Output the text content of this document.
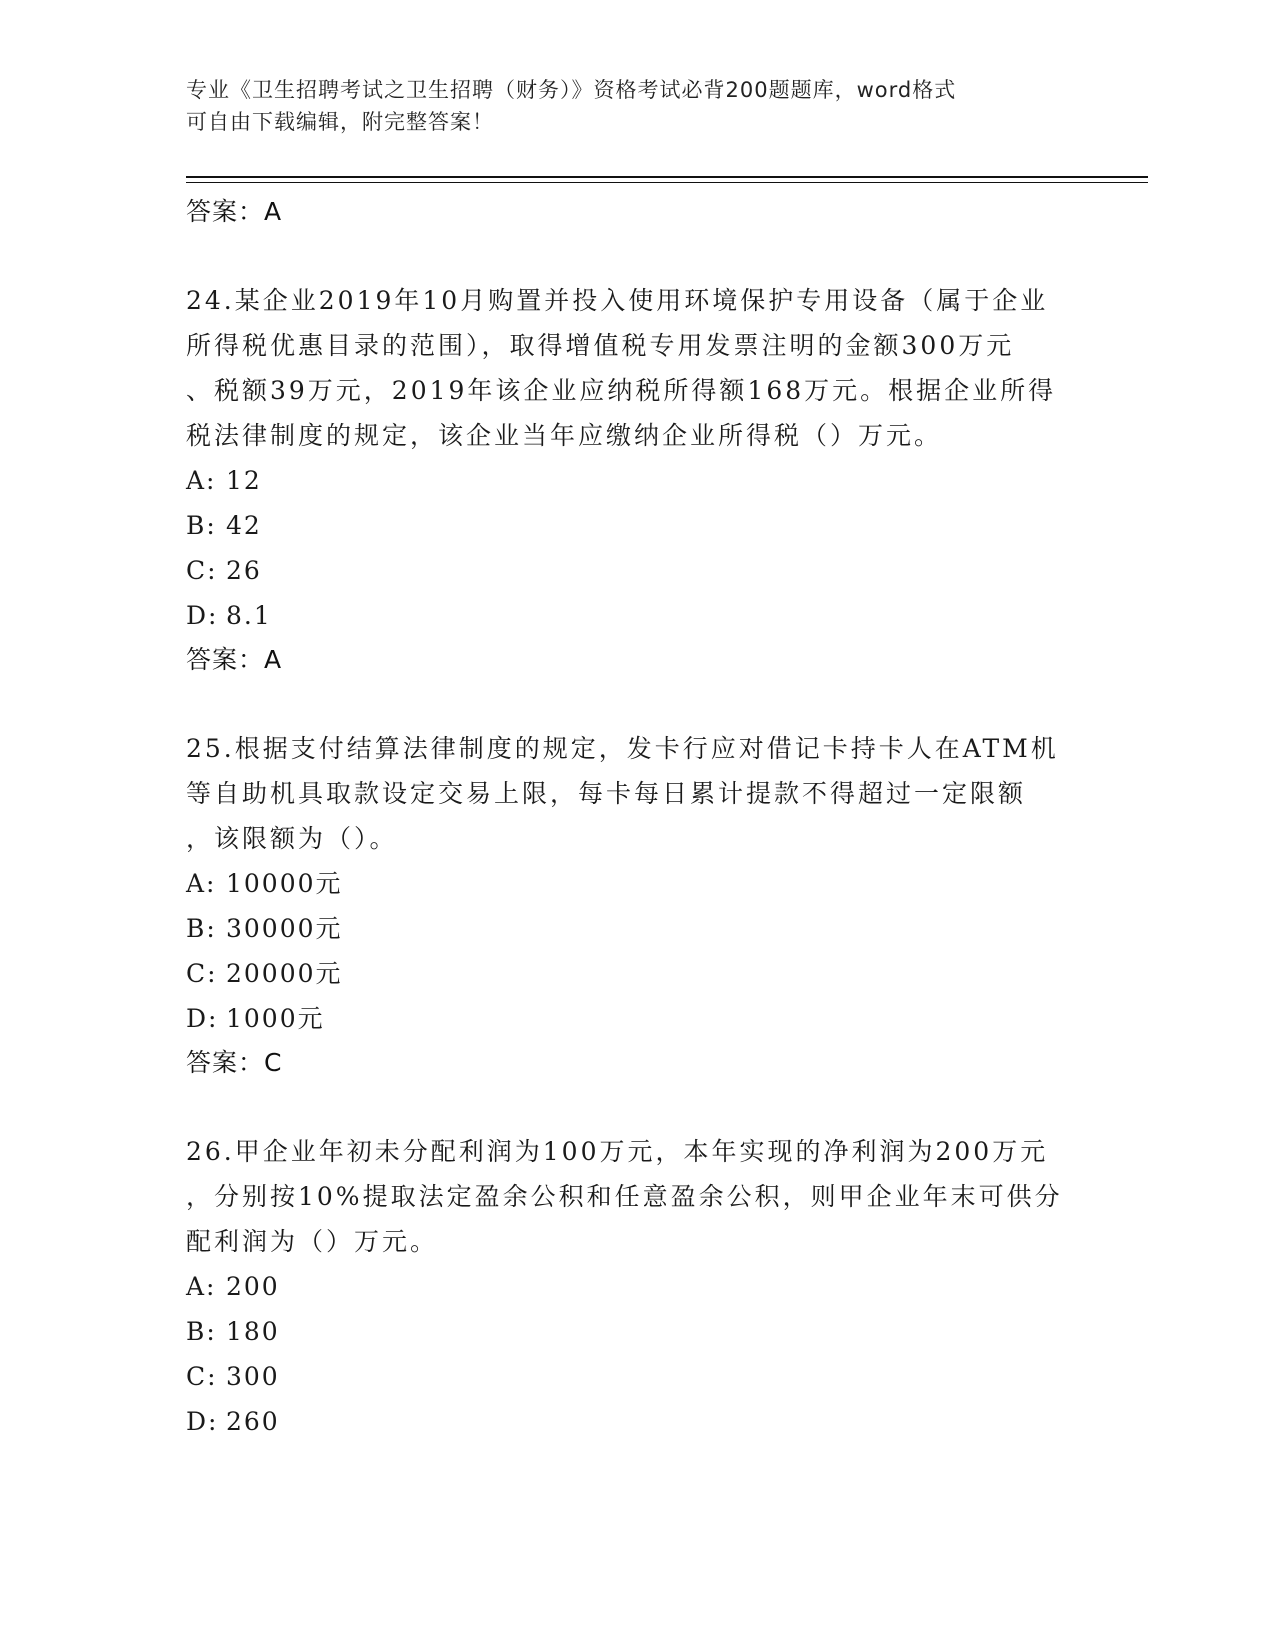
专业《卫生招聘考试之卫生招聘（财务）》资格考试必背200题题库，word格式
可自由下载编辑，附完整答案！
答案：A
24.某企业2019年10月购置并投入使用环境保护专用设备（属于企业
所得税优惠目录的范围），取得增值税专用发票注明的金额300万元
、税额39万元，2019年该企业应纳税所得额168万元。根据企业所得
税法律制度的规定，该企业当年应缴纳企业所得税（）万元。
A: 12
B: 42
C: 26
D: 8.1
答案：A
25.根据支付结算法律制度的规定，发卡行应对借记卡持卡人在ATM机
等自助机具取款设定交易上限，每卡每日累计提款不得超过一定限额
，该限额为（）。
A: 10000元
B: 30000元
C: 20000元
D: 1000元
答案：C
26.甲企业年初未分配利润为100万元，本年实现的净利润为200万元
，分别按10%提取法定盈余公积和任意盈余公积，则甲企业年末可供分
配利润为（）万元。
A: 200
B: 180
C: 300
D: 260
